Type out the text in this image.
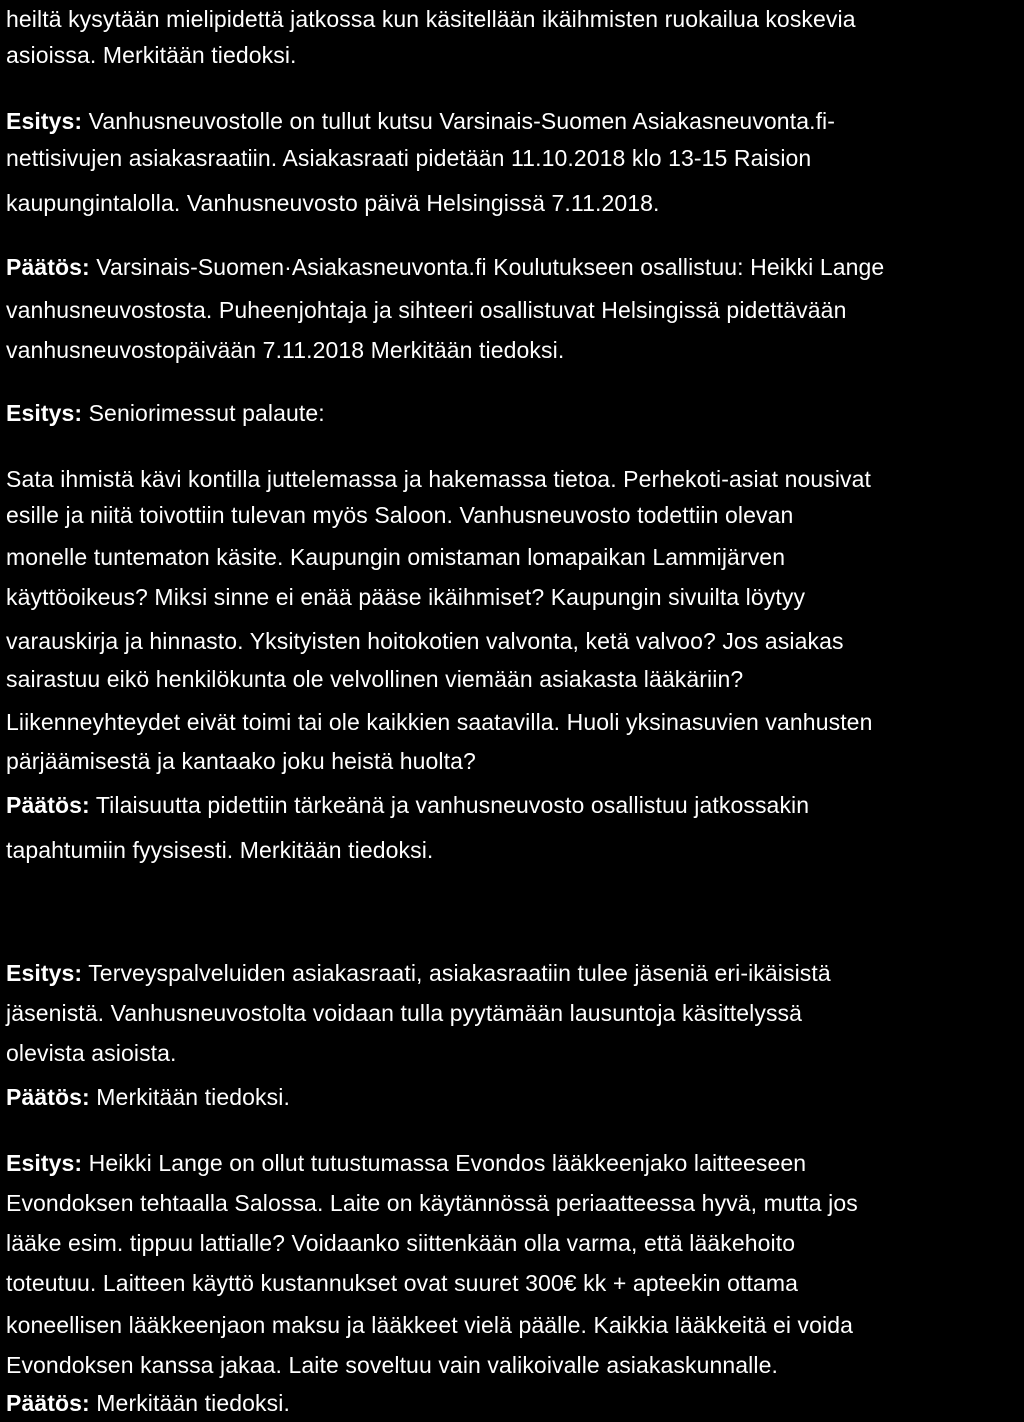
heiltä kysytään mielipidettä jatkossa kun käsitellään ikäihmisten ruokailua koskevia
asioissa. Merkitään tiedoksi.
Esitys: Vanhusneuvostolle on tullut kutsu Varsinais-Suomen Asiakasneuvonta.fi-
nettisivujen asiakasraatiin. Asiakasraati pidetään 11.10.2018 klo 13-15 Raision
kaupungintalolla. Vanhusneuvosto päivä Helsingissä 7.11.2018.
Päätös: Varsinais-Suomen·Asiakasneuvonta.fi Koulutukseen osallistuu: Heikki Lange
vanhusneuvostosta. Puheenjohtaja ja sihteeri osallistuvat Helsingissä pidettävään
vanhusneuvostopäivään 7.11.2018 Merkitään tiedoksi.
Esitys: Seniorimessut palaute:
Sata ihmistä kävi kontilla juttelemassa ja hakemassa tietoa. Perhekoti-asiat nousivat
esille ja niitä toivottiin tulevan myös Saloon. Vanhusneuvosto todettiin olevan
monelle tuntematon käsite. Kaupungin omistaman lomapaikan Lammijärven
käyttöoikeus? Miksi sinne ei enää pääse ikäihmiset? Kaupungin sivuilta löytyy
varauskirja ja hinnasto. Yksityisten hoitokotien valvonta, ketä valvoo? Jos asiakas
sairastuu eikö henkilökunta ole velvollinen viemään asiakasta lääkäriin?
Liikenneyhteydet eivät toimi tai ole kaikkien saatavilla. Huoli yksinasuvien vanhusten
pärjäämisestä ja kantaako joku heistä huolta?
Päätös: Tilaisuutta pidettiin tärkeänä ja vanhusneuvosto osallistuu jatkossakin
tapahtumiin fyysisesti. Merkitään tiedoksi.
Esitys: Terveyspalveluiden asiakasraati, asiakasraatiin tulee jäseniä eri-ikäisistä
jäsenistä. Vanhusneuvostolta voidaan tulla pyytämään lausuntoja käsittelyssä
olevista asioista.
Päätös: Merkitään tiedoksi.
Esitys: Heikki Lange on ollut tutustumassa Evondos lääkkeenjako laitteeseen
Evondoksen tehtaalla Salossa. Laite on käytännössä periaatteessa hyvä, mutta jos
lääke esim. tippuu lattialle? Voidaanko siittenkään olla varma, että lääkehoito
toteutuu. Laitteen käyttö kustannukset ovat suuret 300€ kk + apteekin ottama
koneellisen lääkkeenjaon maksu ja lääkkeet vielä päälle. Kaikkia lääkkeitä ei voida
Evondoksen kanssa jakaa. Laite soveltuu vain valikoivalle asiakaskunnalle.
Päätös: Merkitään tiedoksi.
